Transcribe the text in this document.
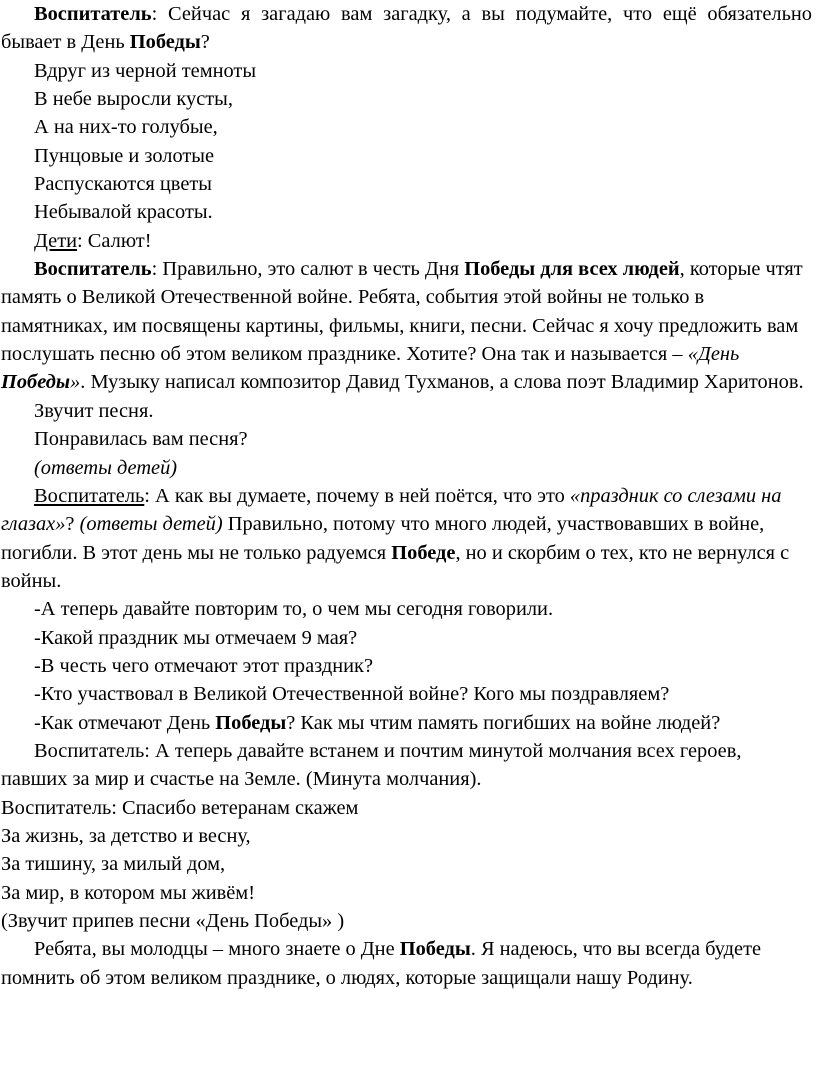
Воспитатель: Сейчас я загадаю вам загадку, а вы подумайте, что ещё обязательно бывает в День Победы?

Вдруг из черной темноты

В небе выросли кусты,

А на них-то голубые,

Пунцовые и золотые

Распускаются цветы

Небывалой красоты.

Дети: Салют!

Воспитатель: Правильно, это салют в честь Дня Победы для всех людей, которые чтят память о Великой Отечественной войне. Ребята, события этой войны не только в памятниках, им посвящены картины, фильмы, книги, песни. Сейчас я хочу предложить вам послушать песню об этом великом празднике. Хотите? Она так и называется – «День Победы». Музыку написал композитор Давид Тухманов, а слова поэт Владимир Харитонов.

Звучит песня.

Понравилась вам песня?

(ответы детей)

Воспитатель: А как вы думаете, почему в ней поётся, что это «праздник со слезами на глазах»? (ответы детей) Правильно, потому что много людей, участвовавших в войне, погибли. В этот день мы не только радуемся Победе, но и скорбим о тех, кто не вернулся с войны.

-А теперь давайте повторим то, о чем мы сегодня говорили.

-Какой праздник мы отмечаем 9 мая?

-В честь чего отмечают этот праздник?

-Кто участвовал в Великой Отечественной войне? Кого мы поздравляем?

-Как отмечают День Победы? Как мы чтим память погибших на войне людей?

Воспитатель: А теперь давайте встанем и почтим минутой молчания всех героев, павших за мир и счастье на Земле. (Минута молчания).

Воспитатель: Спасибо ветеранам скажем

За жизнь, за детство и весну,

За тишину, за милый дом,

За мир, в котором мы живём!

(Звучит припев песни «День Победы» )

Ребята, вы молодцы – много знаете о Дне Победы. Я надеюсь, что вы всегда будете помнить об этом великом празднике, о людях, которые защищали нашу Родину.
